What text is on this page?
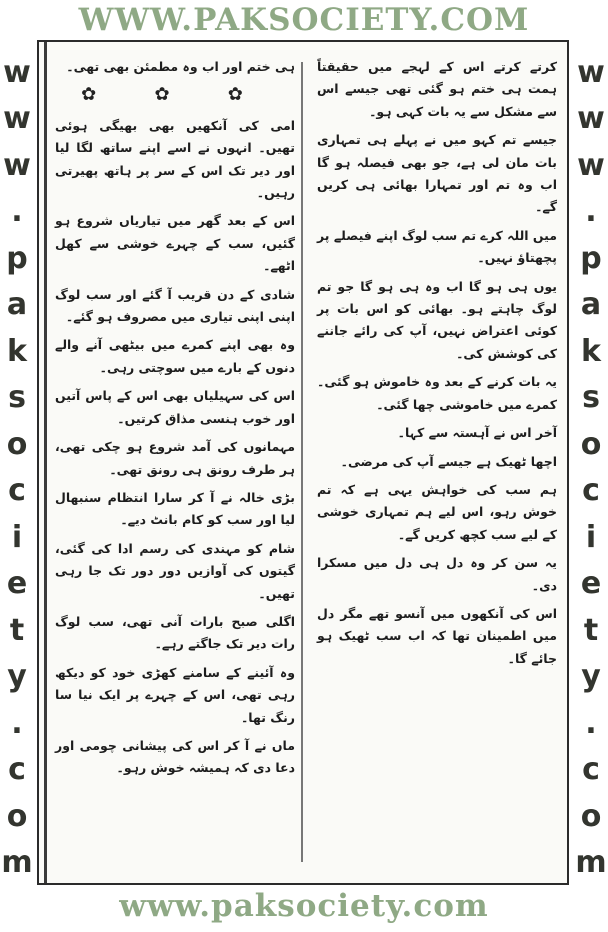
WWW.PAKSOCIETY.COM
w
w
w
.
p
a
k
s
o
c
i
e
t
y
.
c
o
m
w
w
w
.
p
a
k
s
o
c
i
e
t
y
.
c
o
m

کرتے کرتے اس کے لہجے میں حقیقتاً ہمت ہی ختم ہو گئی تھی جیسے اس سے مشکل سے یہ بات کہی ہو۔

جیسے تم کہو میں نے پہلے ہی تمہاری بات مان لی ہے، جو بھی فیصلہ ہو گا اب وہ تم اور تمہارا بھائی ہی کریں گے۔

میں اللہ کرے تم سب لوگ اپنے فیصلے پر پچھتاؤ نہیں۔

یوں ہی ہو گا اب وہ ہی ہو گا جو تم لوگ چاہتے ہو۔ بھائی کو اس بات پر کوئی اعتراض نہیں، آپ کی رائے جاننے کی کوشش کی۔

یہ بات کرنے کے بعد وہ خاموش ہو گئی۔ کمرے میں خاموشی چھا گئی۔

آخر اس نے آہستہ سے کہا۔

اچھا ٹھیک ہے جیسے آپ کی مرضی۔

ہم سب کی خواہش یہی ہے کہ تم خوش رہو، اس لیے ہم تمہاری خوشی کے لیے سب کچھ کریں گے۔

یہ سن کر وہ دل ہی دل میں مسکرا دی۔

اس کی آنکھوں میں آنسو تھے مگر دل میں اطمینان تھا کہ اب سب ٹھیک ہو جائے گا۔

ہی ختم اور اب وہ مطمئن بھی تھی۔

✿ ✿ ✿

امی کی آنکھیں بھی بھیگی ہوئی تھیں۔ انہوں نے اسے اپنے ساتھ لگا لیا اور دیر تک اس کے سر پر ہاتھ پھیرتی رہیں۔

اس کے بعد گھر میں تیاریاں شروع ہو گئیں، سب کے چہرے خوشی سے کھل اٹھے۔

شادی کے دن قریب آ گئے اور سب لوگ اپنی اپنی تیاری میں مصروف ہو گئے۔

وہ بھی اپنے کمرے میں بیٹھی آنے والے دنوں کے بارے میں سوچتی رہی۔

اس کی سہیلیاں بھی اس کے پاس آتیں اور خوب ہنسی مذاق کرتیں۔

مہمانوں کی آمد شروع ہو چکی تھی، ہر طرف رونق ہی رونق تھی۔

بڑی خالہ نے آ کر سارا انتظام سنبھال لیا اور سب کو کام بانٹ دیے۔

شام کو مہندی کی رسم ادا کی گئی، گیتوں کی آوازیں دور دور تک جا رہی تھیں۔

اگلی صبح بارات آنی تھی، سب لوگ رات دیر تک جاگتے رہے۔

وہ آئینے کے سامنے کھڑی خود کو دیکھ رہی تھی، اس کے چہرے پر ایک نیا سا رنگ تھا۔

ماں نے آ کر اس کی پیشانی چومی اور دعا دی کہ ہمیشہ خوش رہو۔

www.paksociety.com
